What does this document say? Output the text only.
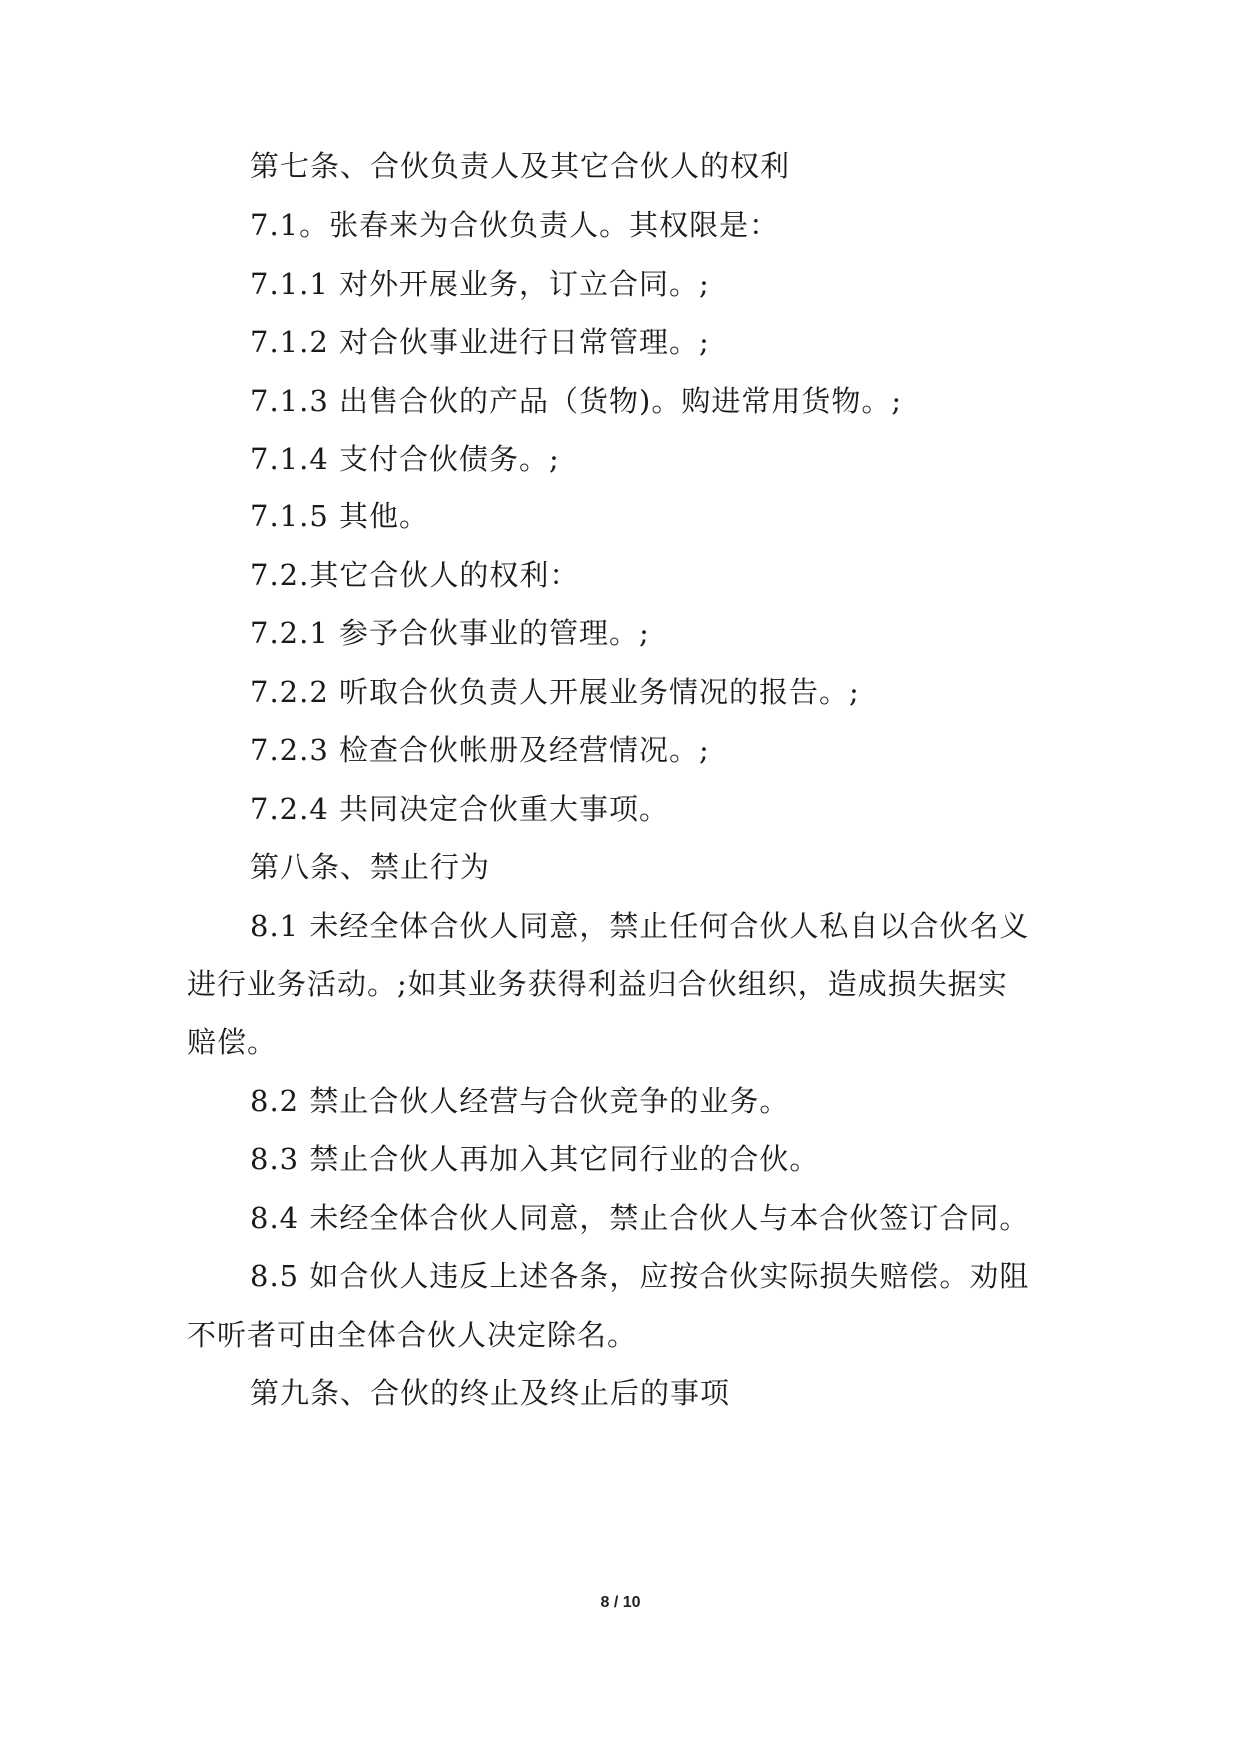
第七条、合伙负责人及其它合伙人的权利
7.1。张春来为合伙负责人。其权限是：
7.1.1 对外开展业务，订立合同。;
7.1.2 对合伙事业进行日常管理。;
7.1.3 出售合伙的产品（货物)。购进常用货物。;
7.1.4 支付合伙债务。;
7.1.5 其他。
7.2.其它合伙人的权利：
7.2.1 参予合伙事业的管理。;
7.2.2 听取合伙负责人开展业务情况的报告。;
7.2.3 检查合伙帐册及经营情况。;
7.2.4 共同决定合伙重大事项。
第八条、禁止行为
8.1 未经全体合伙人同意，禁止任何合伙人私自以合伙名义
进行业务活动。;如其业务获得利益归合伙组织，造成损失据实
赔偿。
8.2 禁止合伙人经营与合伙竞争的业务。
8.3 禁止合伙人再加入其它同行业的合伙。
8.4 未经全体合伙人同意，禁止合伙人与本合伙签订合同。
8.5 如合伙人违反上述各条，应按合伙实际损失赔偿。劝阻
不听者可由全体合伙人决定除名。
第九条、合伙的终止及终止后的事项
8 / 10
